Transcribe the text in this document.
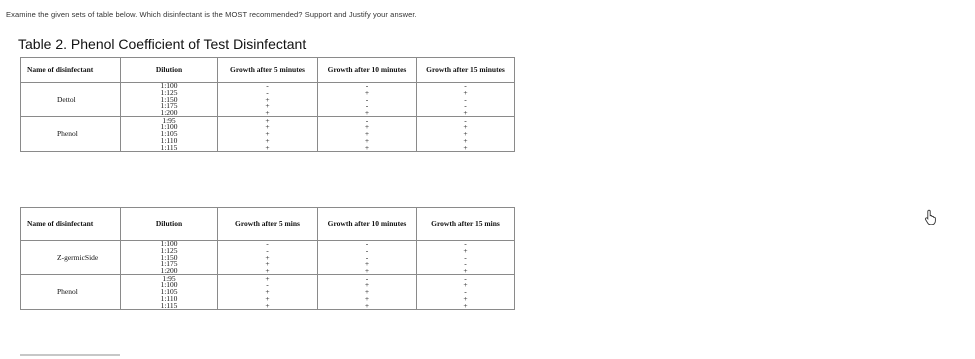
Examine the given sets of table below. Which disinfectant is the MOST recommended? Support and Justify your answer.
Table 2. Phenol Coefficient of Test Disinfectant
Name of disinfectant	Dilution	Growth after 5 minutes	Growth after 10 minutes	Growth after 15 minutes
Dettol	1:100	-	-	-
	1:125	-	+	+
	1:150	+	-	-
	1:175	+	-	-
	1:200	+	+	+
Phenol	1:95	+	-	-
	1:100	+	+	+
	1:105	+	+	+
	1:110	+	+	+
	1:115	+	+	+
Name of disinfectant	Dilution	Growth after 5 mins	Growth after 10 minutes	Growth after 15 mins
Z-germicSide	1:100	-	-	-
	1:125	-	-	+
	1:150	+	-	-
	1:175	+	+	-
	1:200	+	+	+
Phenol	1:95	+	-	-
	1:100	-	+	+
	1:105	+	+	-
	1:110	+	+	+
	1:115	+	+	+
